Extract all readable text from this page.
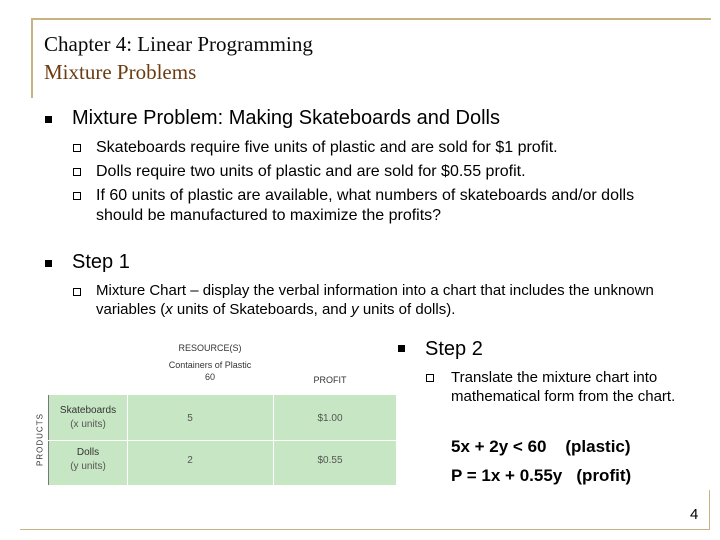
Chapter 4: Linear Programming
Mixture Problems
Mixture Problem: Making Skateboards and Dolls
Skateboards require five units of plastic and are sold for $1 profit.
Dolls require two units of plastic and are sold for $0.55 profit.
If 60 units of plastic are available, what numbers of skateboards and/or dolls should be manufactured to maximize the profits?
Step 1
Mixture Chart – display the verbal information into a chart that includes the unknown variables (x units of Skateboards, and y units of dolls).
RESOURCE(S)
Containers of Plastic
60	PROFIT
PRODUCTS
Skateboards
(x units)
5	$1.00
Dolls
(y units)
2	$0.55
Step 2
Translate the mixture chart into mathematical form from the chart.
5x + 2y < 60    (plastic)
P = 1x + 0.55y   (profit)
4
